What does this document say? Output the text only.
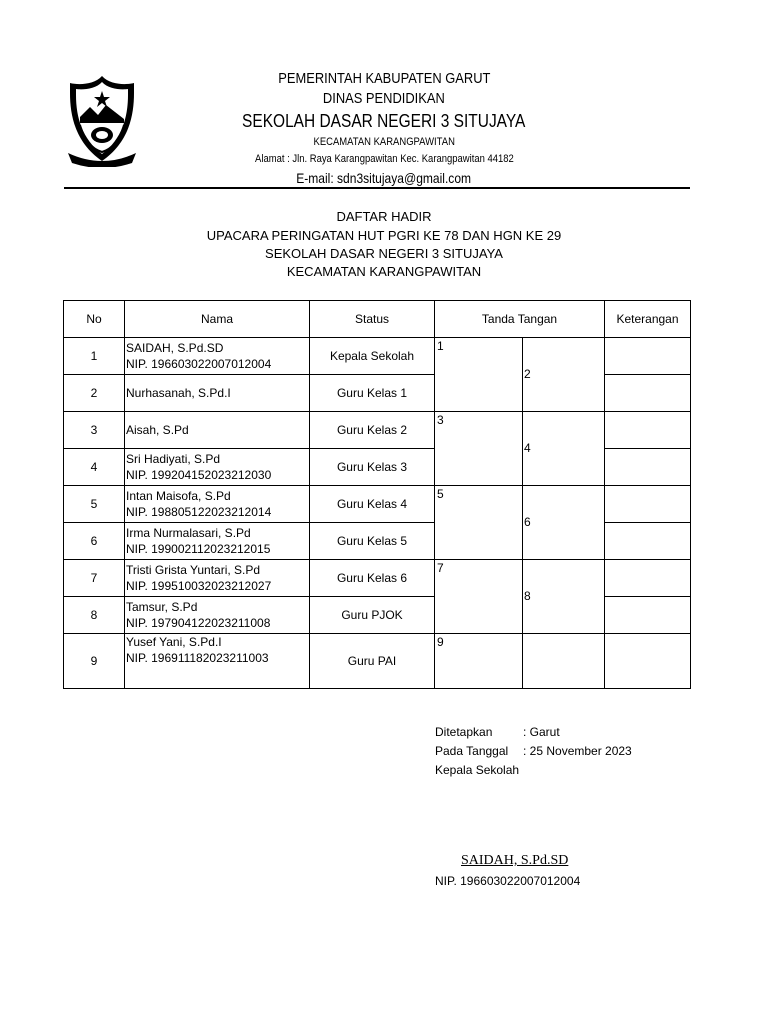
PEMERINTAH KABUPATEN GARUT
DINAS PENDIDIKAN
SEKOLAH DASAR NEGERI 3 SITUJAYA
KECAMATAN KARANGPAWITAN
Alamat : Jln. Raya Karangpawitan Kec. Karangpawitan 44182
E-mail: sdn3situjaya@gmail.com
DAFTAR HADIR
UPACARA PERINGATAN HUT PGRI KE 78 DAN HGN KE 29
SEKOLAH DASAR NEGERI 3 SITUJAYA
KECAMATAN KARANGPAWITAN
No	Nama	Status	Tanda Tangan		Keterangan
1	SAIDAH, S.Pd.SD
NIP. 196603022007012004	Kepala Sekolah	1	2	
2	Nurhasanah, S.Pd.I	Guru Kelas 1			
3	Aisah, S.Pd	Guru Kelas 2	3	4	
4	Sri Hadiyati, S.Pd
NIP. 199204152023212030	Guru Kelas 3			
5	Intan Maisofa, S.Pd
NIP. 198805122023212014	Guru Kelas 4	5	6	
6	Irma Nurmalasari, S.Pd
NIP. 199002112023212015	Guru Kelas 5			
7	Tristi Grista Yuntari, S.Pd
NIP. 199510032023212027	Guru Kelas 6	7	8	
8	Tamsur, S.Pd
NIP. 197904122023211008	Guru PJOK			
9	Yusef Yani, S.Pd.I
NIP. 196911182023211003	Guru PAI	9		
Ditetapkan	: Garut
Pada Tanggal : 25 November 2023
Kepala Sekolah
SAIDAH, S.Pd.SD
NIP. 196603022007012004
